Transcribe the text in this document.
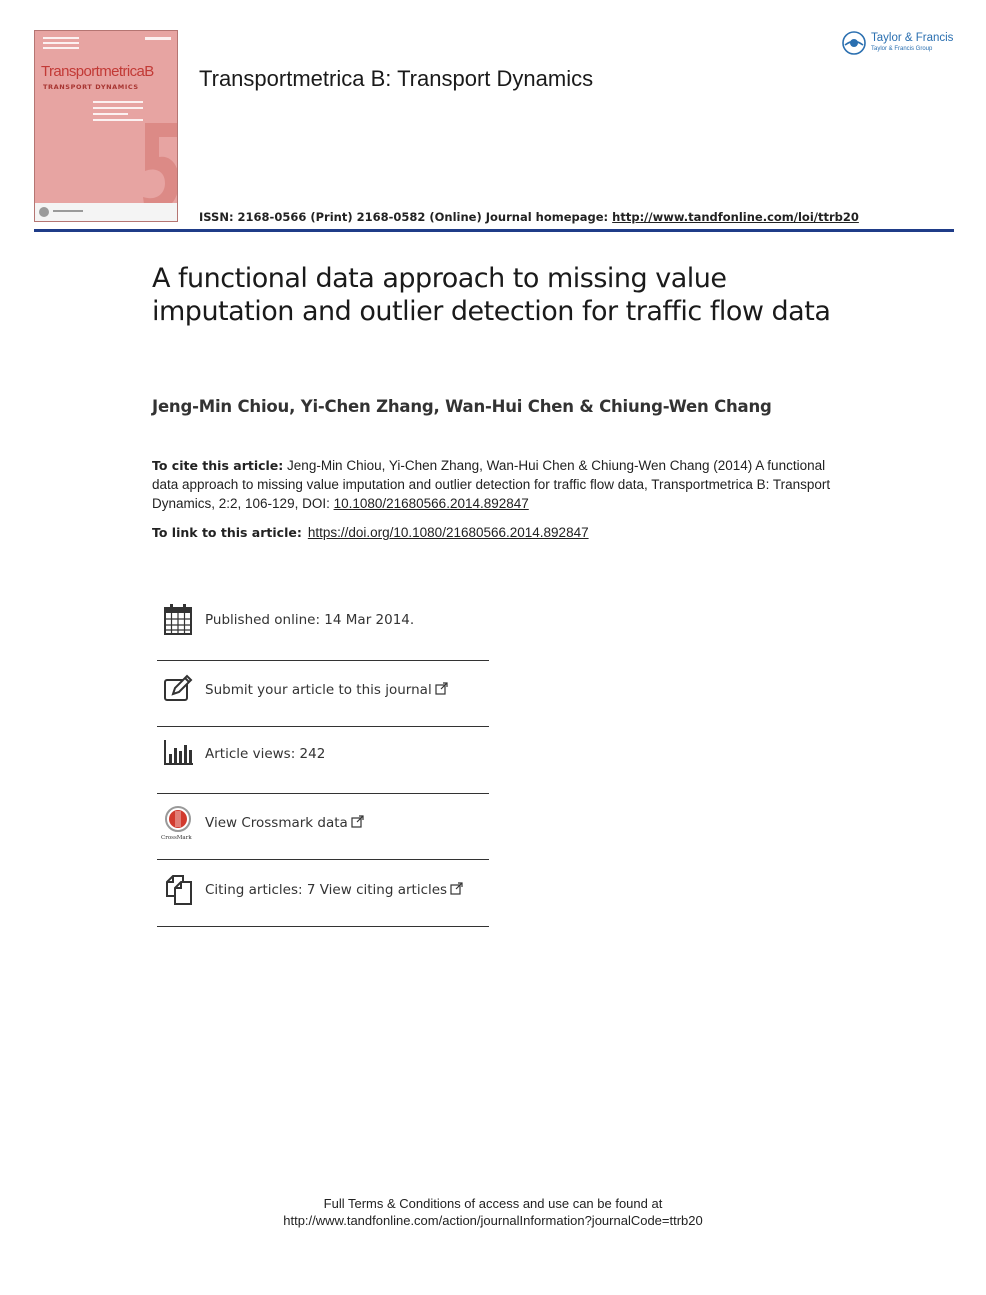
TransportmetricaB
TRANSPORT DYNAMICS	Transportmetrica B: Transport Dynamics
Taylor & Francis
Taylor & Francis Group
ISSN: 2168-0566 (Print) 2168-0582 (Online) Journal homepage: http://www.tandfonline.com/loi/ttrb20
A functional data approach to missing value imputation and outlier detection for traffic flow data
Jeng-Min Chiou, Yi-Chen Zhang, Wan-Hui Chen & Chiung-Wen Chang
To cite this article: Jeng-Min Chiou, Yi-Chen Zhang, Wan-Hui Chen & Chiung-Wen Chang (2014) A functional data approach to missing value imputation and outlier detection for traffic flow data, Transportmetrica B: Transport Dynamics, 2:2, 106-129, DOI: 10.1080/21680566.2014.892847
To link to this article: https://doi.org/10.1080/21680566.2014.892847
Published online: 14 Mar 2014.
Submit your article to this journal
Article views: 242
CrossMark
View Crossmark data
Citing articles: 7 View citing articles
Full Terms & Conditions of access and use can be found at
http://www.tandfonline.com/action/journalInformation?journalCode=ttrb20
